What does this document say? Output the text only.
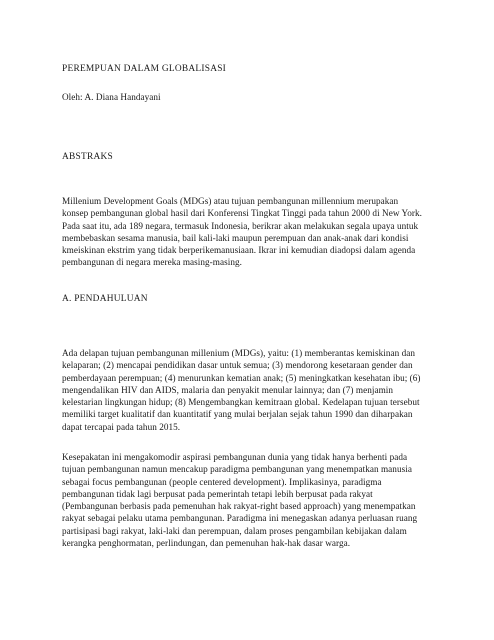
PEREMPUAN DALAM GLOBALISASI
Oleh: A. Diana Handayani
ABSTRAKS
Millenium Development Goals (MDGs) atau tujuan pembangunan millennium merupakan
konsep pembangunan global hasil dari Konferensi Tingkat Tinggi pada tahun 2000 di New York.
Pada saat itu, ada 189 negara, termasuk Indonesia, berikrar akan melakukan segala upaya untuk
membebaskan sesama manusia, bail kali-laki maupun perempuan dan anak-anak dari kondisi
kmeiskinan ekstrim yang tidak berperikemanusiaan. Ikrar ini kemudian diadopsi dalam agenda
pembangunan di negara mereka masing-masing.
A. PENDAHULUAN
Ada delapan tujuan pembangunan millenium (MDGs), yaitu: (1) memberantas kemiskinan dan
kelaparan; (2) mencapai pendidikan dasar untuk semua; (3) mendorong kesetaraan gender dan
pemberdayaan perempuan; (4) menurunkan kematian anak; (5) meningkatkan kesehatan ibu; (6)
mengendalikan HIV dan AIDS, malaria dan penyakit menular lainnya; dan (7) menjamin
kelestarian lingkungan hidup; (8) Mengembangkan kemitraan global. Kedelapan tujuan tersebut
memiliki target kualitatif dan kuantitatif yang mulai berjalan sejak tahun 1990 dan diharpakan
dapat tercapai pada tahun 2015.
Kesepakatan ini mengakomodir aspirasi pembangunan dunia yang tidak hanya berhenti pada
tujuan pembangunan namun mencakup paradigma pembangunan yang menempatkan manusia
sebagai focus pembangunan (people centered development). Implikasinya, paradigma
pembangunan tidak lagi berpusat pada pemerintah tetapi lebih berpusat pada rakyat
(Pembangunan berbasis pada pemenuhan hak rakyat-right based approach) yang menempatkan
rakyat sebagai pelaku utama pembangunan. Paradigma ini menegaskan adanya perluasan ruang
partisipasi bagi rakyat, laki-laki dan perempuan, dalam proses pengambilan kebijakan dalam
kerangka penghormatan, perlindungan, dan pemenuhan hak-hak dasar warga.
